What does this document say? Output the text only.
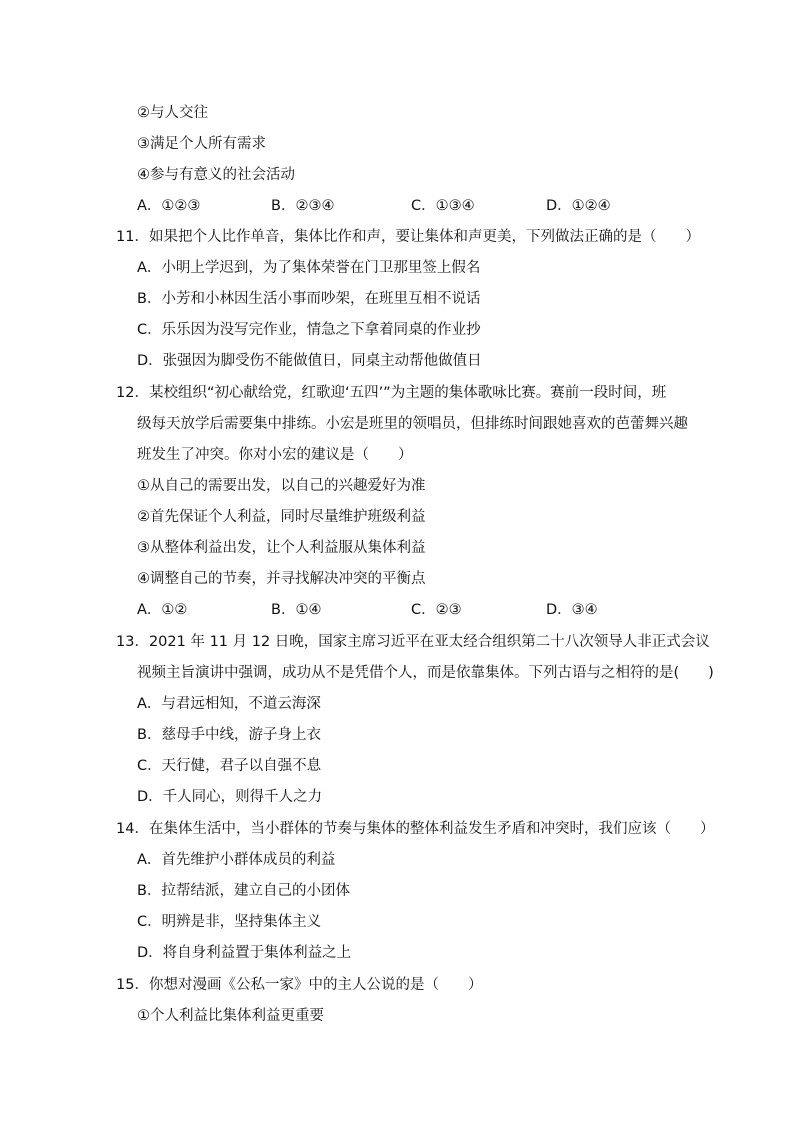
②与人交往
③满足个人所有需求
④参与有意义的社会活动
A．①②③	B．②③④	C．①③④	D．①②④
11．如果把个人比作单音，集体比作和声，要让集体和声更美，下列做法正确的是（　　）
A．小明上学迟到，为了集体荣誉在门卫那里签上假名
B．小芳和小林因生活小事而吵架，在班里互相不说话
C．乐乐因为没写完作业，情急之下拿着同桌的作业抄
D．张强因为脚受伤不能做值日，同桌主动帮他做值日
12．某校组织“初心献给党，红歌迎‘五四’”为主题的集体歌咏比赛。赛前一段时间，班
级每天放学后需要集中排练。小宏是班里的领唱员，但排练时间跟她喜欢的芭蕾舞兴趣
班发生了冲突。你对小宏的建议是（　　）
①从自己的需要出发，以自己的兴趣爱好为准
②首先保证个人利益，同时尽量维护班级利益
③从整体利益出发，让个人利益服从集体利益
④调整自己的节奏，并寻找解决冲突的平衡点
A．①②	B．①④	C．②③	D．③④
13．2021 年 11 月 12 日晚，国家主席习近平在亚太经合组织第二十八次领导人非正式会议
视频主旨演讲中强调，成功从不是凭借个人，而是依靠集体。下列古语与之相符的是(　　)
A．与君远相知，不道云海深
B．慈母手中线，游子身上衣
C．天行健，君子以自强不息
D．千人同心，则得千人之力
14．在集体生活中，当小群体的节奏与集体的整体利益发生矛盾和冲突时，我们应该（　　）
A．首先维护小群体成员的利益
B．拉帮结派，建立自己的小团体
C．明辨是非，坚持集体主义
D．将自身利益置于集体利益之上
15．你想对漫画《公私一家》中的主人公说的是（　　）
①个人利益比集体利益更重要
